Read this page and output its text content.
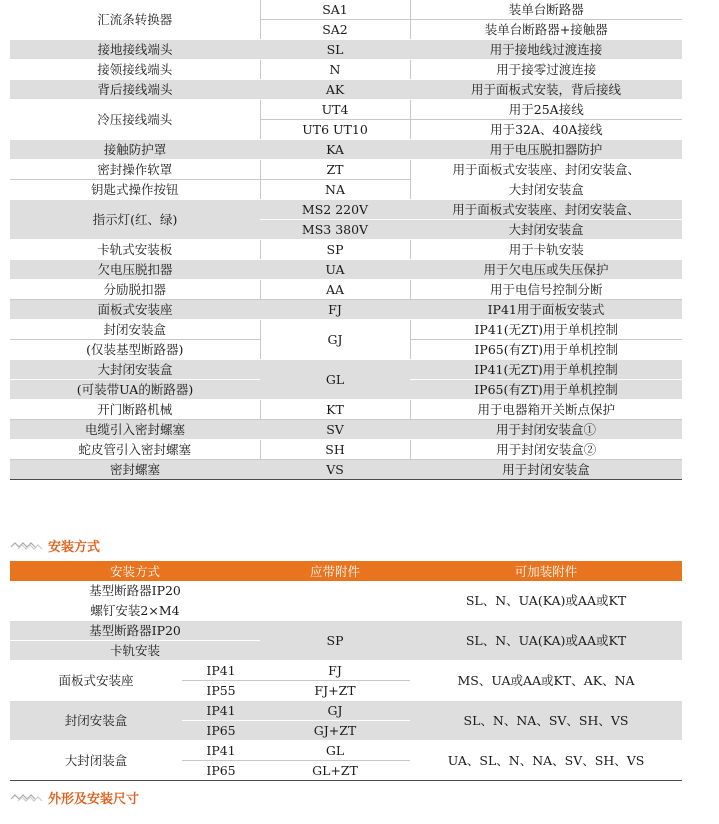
汇流条转换器	SA1	装单台断路器
	SA2	装单台断路器+接触器
接地接线端头	SL	用于接地线过渡连接
接领接线端头	N	用于接零过渡连接
背后接线端头	AK	用于面板式安装，背后接线
冷压接线端头	UT4	用于25A接线
	UT6 UT10	用于32A、40A接线
接触防护罩	KA	用于电压脱扣器防护
密封操作软罩	ZT	用于面板式安装座、封闭安装盒、
钥匙式操作按钮	NA	大封闭安装盒
指示灯(红、绿)	MS2 220V	用于面板式安装座、封闭安装盒、
	MS3 380V	大封闭安装盒
卡轨式安装板	SP	用于卡轨安装
欠电压脱扣器	UA	用于欠电压或失压保护
分励脱扣器	AA	用于电信号控制分断
面板式安装座	FJ	IP41用于面板安装式
封闭安装盒	GJ	IP41(无ZT)用于单机控制
(仅装基型断路器)		IP65(有ZT)用于单机控制
大封闭安装盒	GL	IP41(无ZT)用于单机控制
(可装带UA的断路器)		IP65(有ZT)用于单机控制
开门断路机械	KT	用于电器箱开关断点保护
电缆引入密封螺塞	SV	用于封闭安装盒①
蛇皮管引入密封螺塞	SH	用于封闭安装盒②
密封螺塞	VS	用于封闭安装盒
安装方式
安装方式		应带附件	可加装附件
基型断路器IP20			SL、N、UA(KA)或AA或KT
螺钉安装2×M4			
基型断路器IP20		SP	SL、N、UA(KA)或AA或KT
卡轨安装			
面板式安装座	IP41	FJ	MS、UA或AA或KT、AK、NA
	IP55	FJ+ZT	
封闭安装盒	IP41	GJ	SL、N、NA、SV、SH、VS
	IP65	GJ+ZT	
大封闭装盒	IP41	GL	UA、SL、N、NA、SV、SH、VS
	IP65	GL+ZT	
外形及安装尺寸
